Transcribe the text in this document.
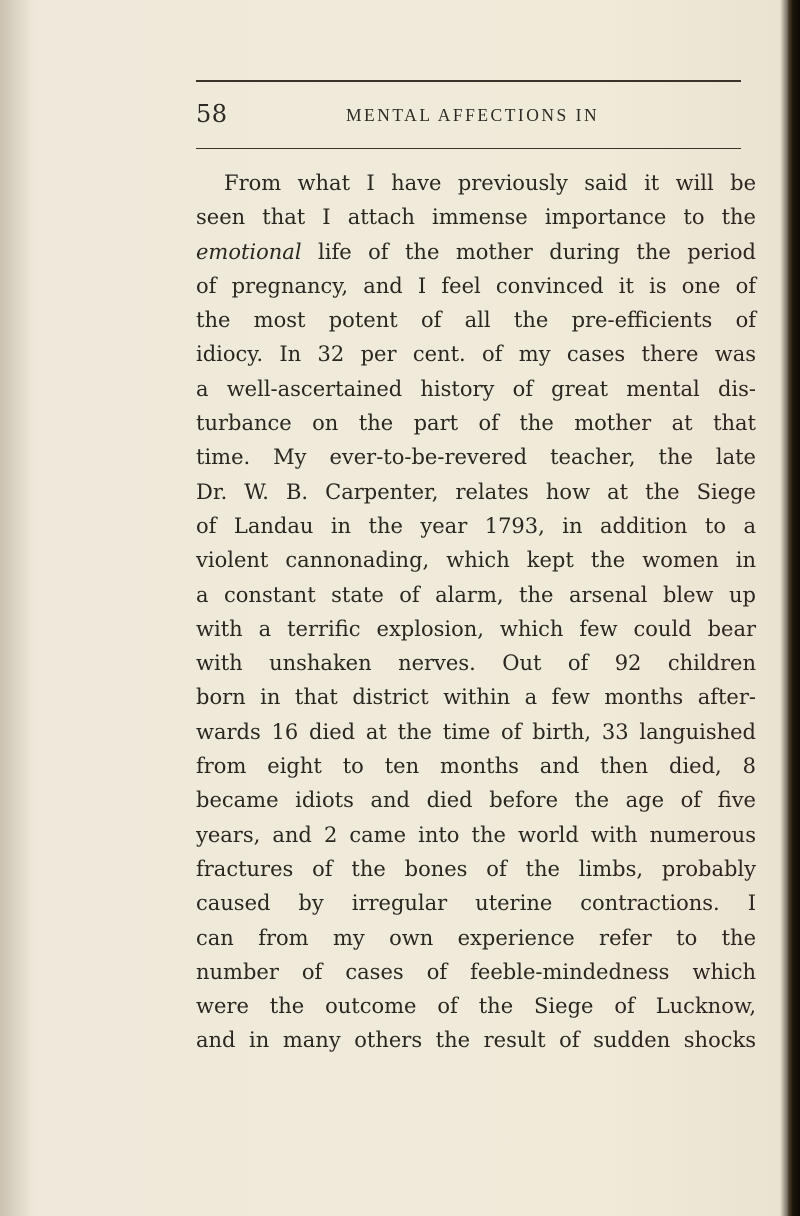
58	MENTAL AFFECTIONS IN
From what I have previously said it will be
seen that I attach immense importance to the
emotional life of the mother during the period
of pregnancy, and I feel convinced it is one of
the most potent of all the pre-efficients of
idiocy. In 32 per cent. of my cases there was
a well-ascertained history of great mental dis-
turbance on the part of the mother at that
time. My ever-to-be-revered teacher, the late
Dr. W. B. Carpenter, relates how at the Siege
of Landau in the year 1793, in addition to a
violent cannonading, which kept the women in
a constant state of alarm, the arsenal blew up
with a terrific explosion, which few could bear
with unshaken nerves. Out of 92 children
born in that district within a few months after-
wards 16 died at the time of birth, 33 languished
from eight to ten months and then died, 8
became idiots and died before the age of five
years, and 2 came into the world with numerous
fractures of the bones of the limbs, probably
caused by irregular uterine contractions. I
can from my own experience refer to the
number of cases of feeble-mindedness which
were the outcome of the Siege of Lucknow,
and in many others the result of sudden shocks
